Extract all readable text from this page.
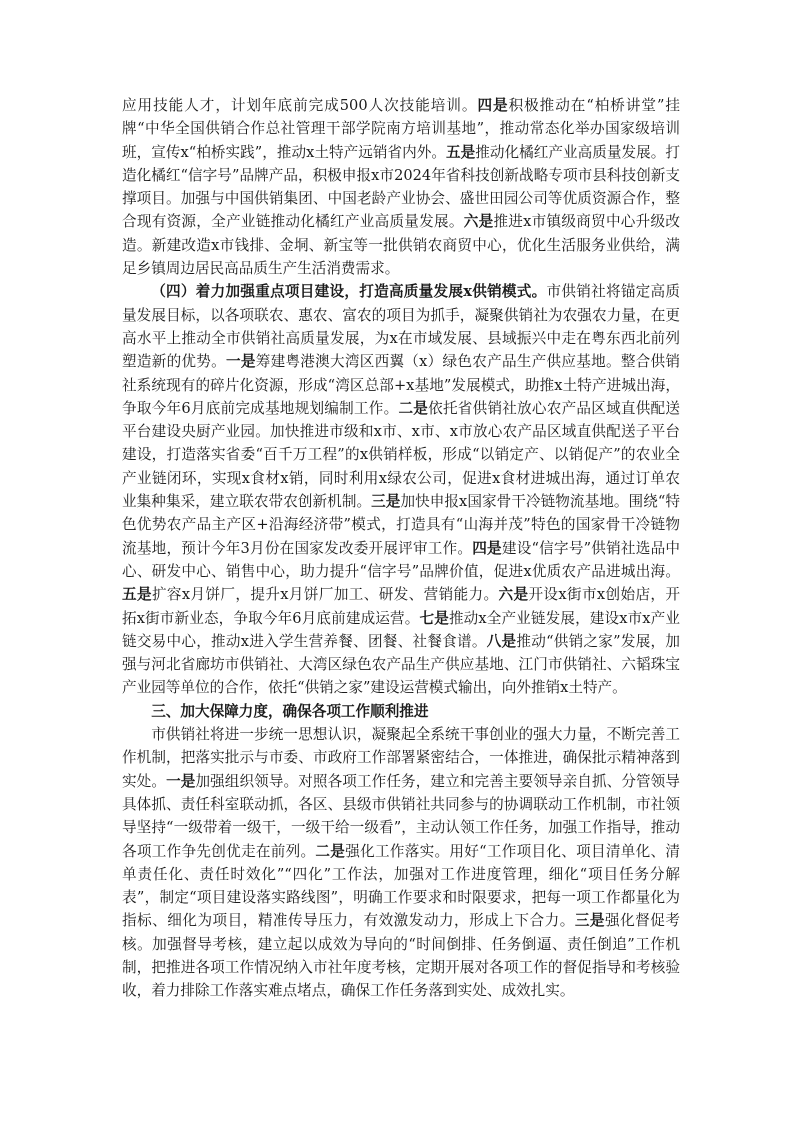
应用技能人才，计划年底前完成500人次技能培训。四是积极推动在“柏桥讲堂”挂牌“中华全国供销合作总社管理干部学院南方培训基地”，推动常态化举办国家级培训班，宣传x“柏桥实践”，推动x土特产远销省内外。五是推动化橘红产业高质量发展。打造化橘红“信字号”品牌产品，积极申报x市2024年省科技创新战略专项市县科技创新支撑项目。加强与中国供销集团、中国老龄产业协会、盛世田园公司等优质资源合作，整合现有资源，全产业链推动化橘红产业高质量发展。六是推进x市镇级商贸中心升级改造。新建改造x市钱排、金垌、新宝等一批供销农商贸中心，优化生活服务业供给，满足乡镇周边居民高品质生产生活消费需求。

（四）着力加强重点项目建设，打造高质量发展x供销模式。市供销社将锚定高质量发展目标，以各项联农、惠农、富农的项目为抓手，凝聚供销社为农强农力量，在更高水平上推动全市供销社高质量发展，为x在市域发展、县域振兴中走在粤东西北前列塑造新的优势。一是筹建粤港澳大湾区西翼（x）绿色农产品生产供应基地。整合供销社系统现有的碎片化资源，形成“湾区总部+x基地”发展模式，助推x土特产进城出海，争取今年6月底前完成基地规划编制工作。二是依托省供销社放心农产品区域直供配送平台建设央厨产业园。加快推进市级和x市、x市、x市放心农产品区域直供配送子平台建设，打造落实省委“百千万工程”的x供销样板，形成“以销定产、以销促产”的农业全产业链闭环，实现x食材x销，同时利用x绿农公司，促进x食材进城出海，通过订单农业集种集采，建立联农带农创新机制。三是加快申报x国家骨干冷链物流基地。围绕“特色优势农产品主产区+沿海经济带”模式，打造具有“山海并茂”特色的国家骨干冷链物流基地，预计今年3月份在国家发改委开展评审工作。四是建设“信字号”供销社选品中心、研发中心、销售中心，助力提升“信字号”品牌价值，促进x优质农产品进城出海。五是扩容x月饼厂，提升x月饼厂加工、研发、营销能力。六是开设x街市x创始店，开拓x街市新业态，争取今年6月底前建成运营。七是推动x全产业链发展，建设x市x产业链交易中心，推动x进入学生营养餐、团餐、社餐食谱。八是推动“供销之家”发展，加强与河北省廊坊市供销社、大湾区绿色农产品生产供应基地、江门市供销社、六韬珠宝产业园等单位的合作，依托“供销之家”建设运营模式输出，向外推销x土特产。

三、加大保障力度，确保各项工作顺利推进

市供销社将进一步统一思想认识，凝聚起全系统干事创业的强大力量，不断完善工作机制，把落实批示与市委、市政府工作部署紧密结合，一体推进，确保批示精神落到实处。一是加强组织领导。对照各项工作任务，建立和完善主要领导亲自抓、分管领导具体抓、责任科室联动抓，各区、县级市供销社共同参与的协调联动工作机制，市社领导坚持“一级带着一级干，一级干给一级看”，主动认领工作任务，加强工作指导，推动各项工作争先创优走在前列。二是强化工作落实。用好“工作项目化、项目清单化、清单责任化、责任时效化”“四化”工作法，加强对工作进度管理，细化“项目任务分解表”，制定“项目建设落实路线图”，明确工作要求和时限要求，把每一项工作都量化为指标、细化为项目，精准传导压力，有效激发动力，形成上下合力。三是强化督促考核。加强督导考核，建立起以成效为导向的“时间倒排、任务倒逼、责任倒追”工作机制，把推进各项工作情况纳入市社年度考核，定期开展对各项工作的督促指导和考核验收，着力排除工作落实难点堵点，确保工作任务落到实处、成效扎实。
